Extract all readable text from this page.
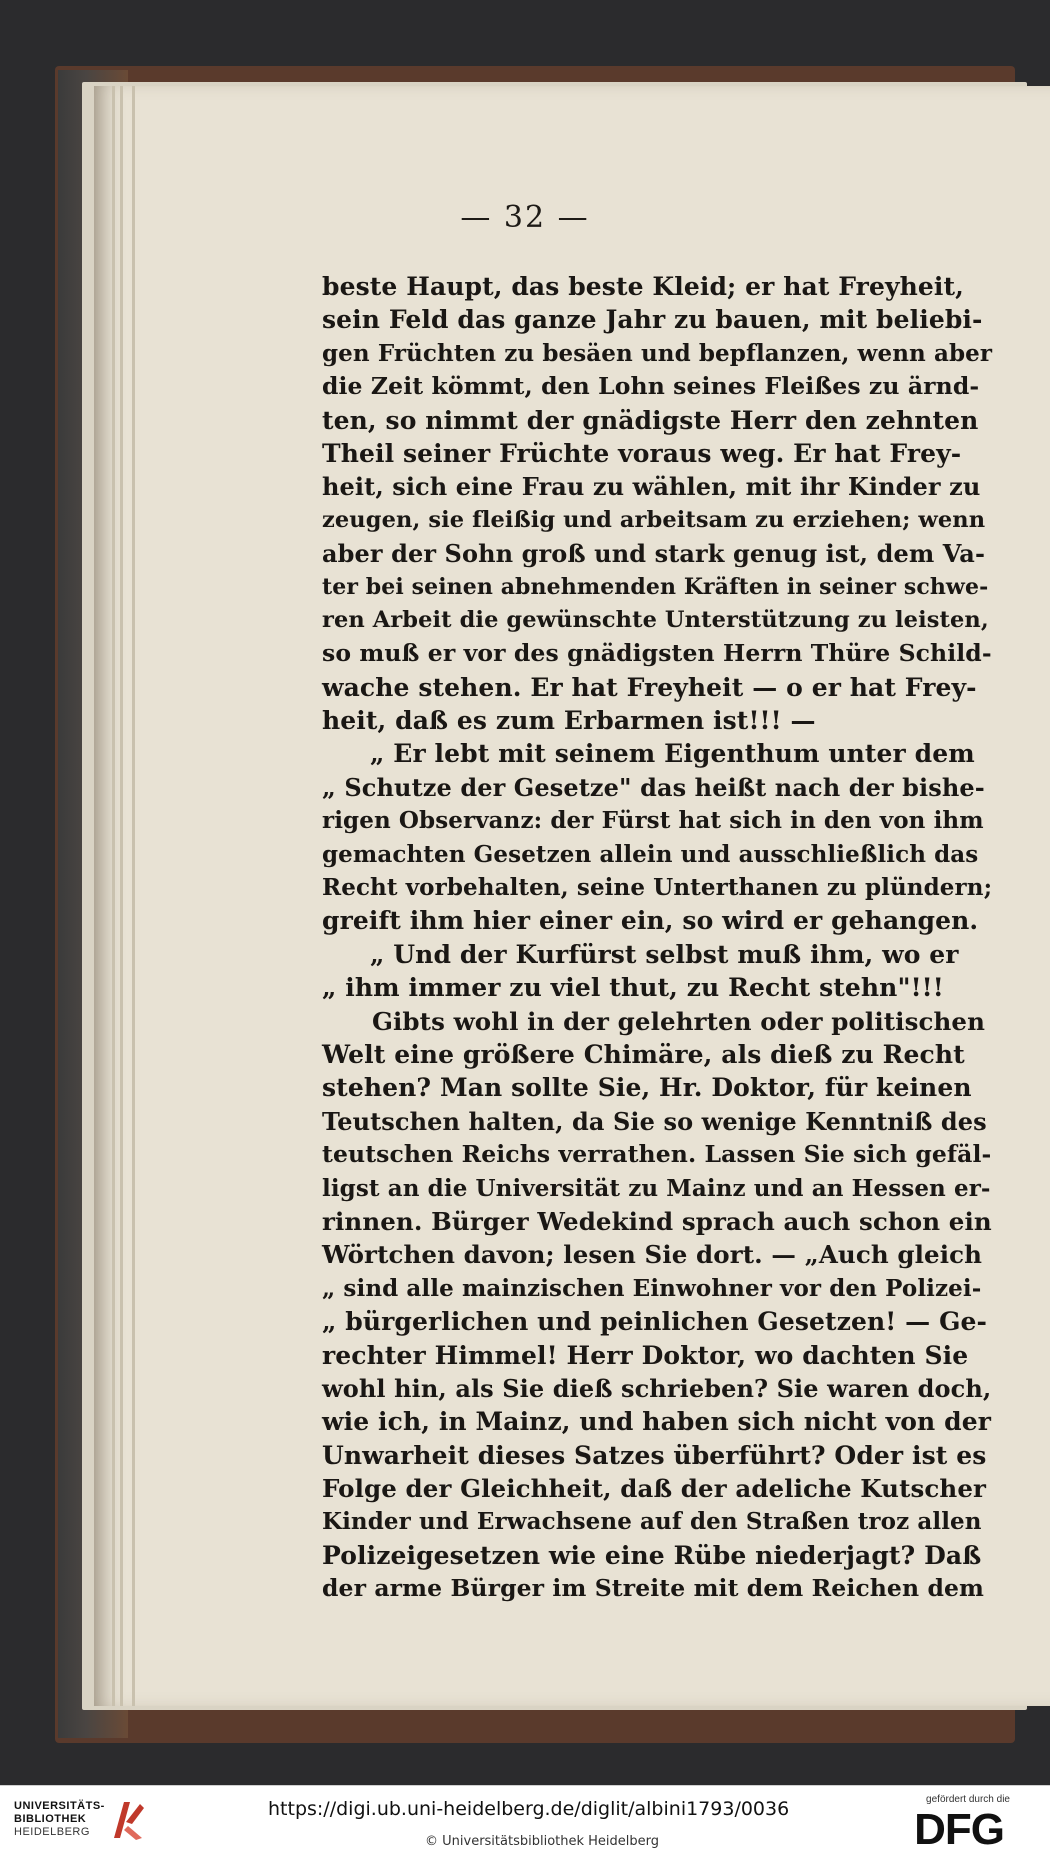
— 32 —
beste Haupt, das beste Kleid; er hat Freyheit,
sein Feld das ganze Jahr zu bauen, mit beliebi-
gen Früchten zu besäen und bepflanzen, wenn aber
die Zeit kömmt, den Lohn seines Fleißes zu ärnd-
ten, so nimmt der gnädigste Herr den zehnten
Theil seiner Früchte voraus weg. Er hat Frey-
heit, sich eine Frau zu wählen, mit ihr Kinder zu
zeugen, sie fleißig und arbeitsam zu erziehen; wenn
aber der Sohn groß und stark genug ist, dem Va-
ter bei seinen abnehmenden Kräften in seiner schwe-
ren Arbeit die gewünschte Unterstützung zu leisten,
so muß er vor des gnädigsten Herrn Thüre Schild-
wache stehen. Er hat Freyheit — o er hat Frey-
heit, daß es zum Erbarmen ist!!! —
„ Er lebt mit seinem Eigenthum unter dem
„ Schutze der Gesetze" das heißt nach der bishe-
rigen Observanz: der Fürst hat sich in den von ihm
gemachten Gesetzen allein und ausschließlich das
Recht vorbehalten, seine Unterthanen zu plündern;
greift ihm hier einer ein, so wird er gehangen.
„ Und der Kurfürst selbst muß ihm, wo er
„ ihm immer zu viel thut, zu Recht stehn"!!!
Gibts wohl in der gelehrten oder politischen
Welt eine größere Chimäre, als dieß zu Recht
stehen? Man sollte Sie, Hr. Doktor, für keinen
Teutschen halten, da Sie so wenige Kenntniß des
teutschen Reichs verrathen. Lassen Sie sich gefäl-
ligst an die Universität zu Mainz und an Hessen er-
rinnen. Bürger Wedekind sprach auch schon ein
Wörtchen davon; lesen Sie dort. — „Auch gleich
„ sind alle mainzischen Einwohner vor den Polizei-
„ bürgerlichen und peinlichen Gesetzen! — Ge-
rechter Himmel! Herr Doktor, wo dachten Sie
wohl hin, als Sie dieß schrieben? Sie waren doch,
wie ich, in Mainz, und haben sich nicht von der
Unwarheit dieses Satzes überführt? Oder ist es
Folge der Gleichheit, daß der adeliche Kutscher
Kinder und Erwachsene auf den Straßen troz allen
Polizeigesetzen wie eine Rübe niederjagt? Daß
der arme Bürger im Streite mit dem Reichen dem
UNIVERSITÄTS-
BIBLIOTHEK
HEIDELBERG
https://digi.ub.uni-heidelberg.de/diglit/albini1793/0036
© Universitätsbibliothek Heidelberg
gefördert durch die
DFG
